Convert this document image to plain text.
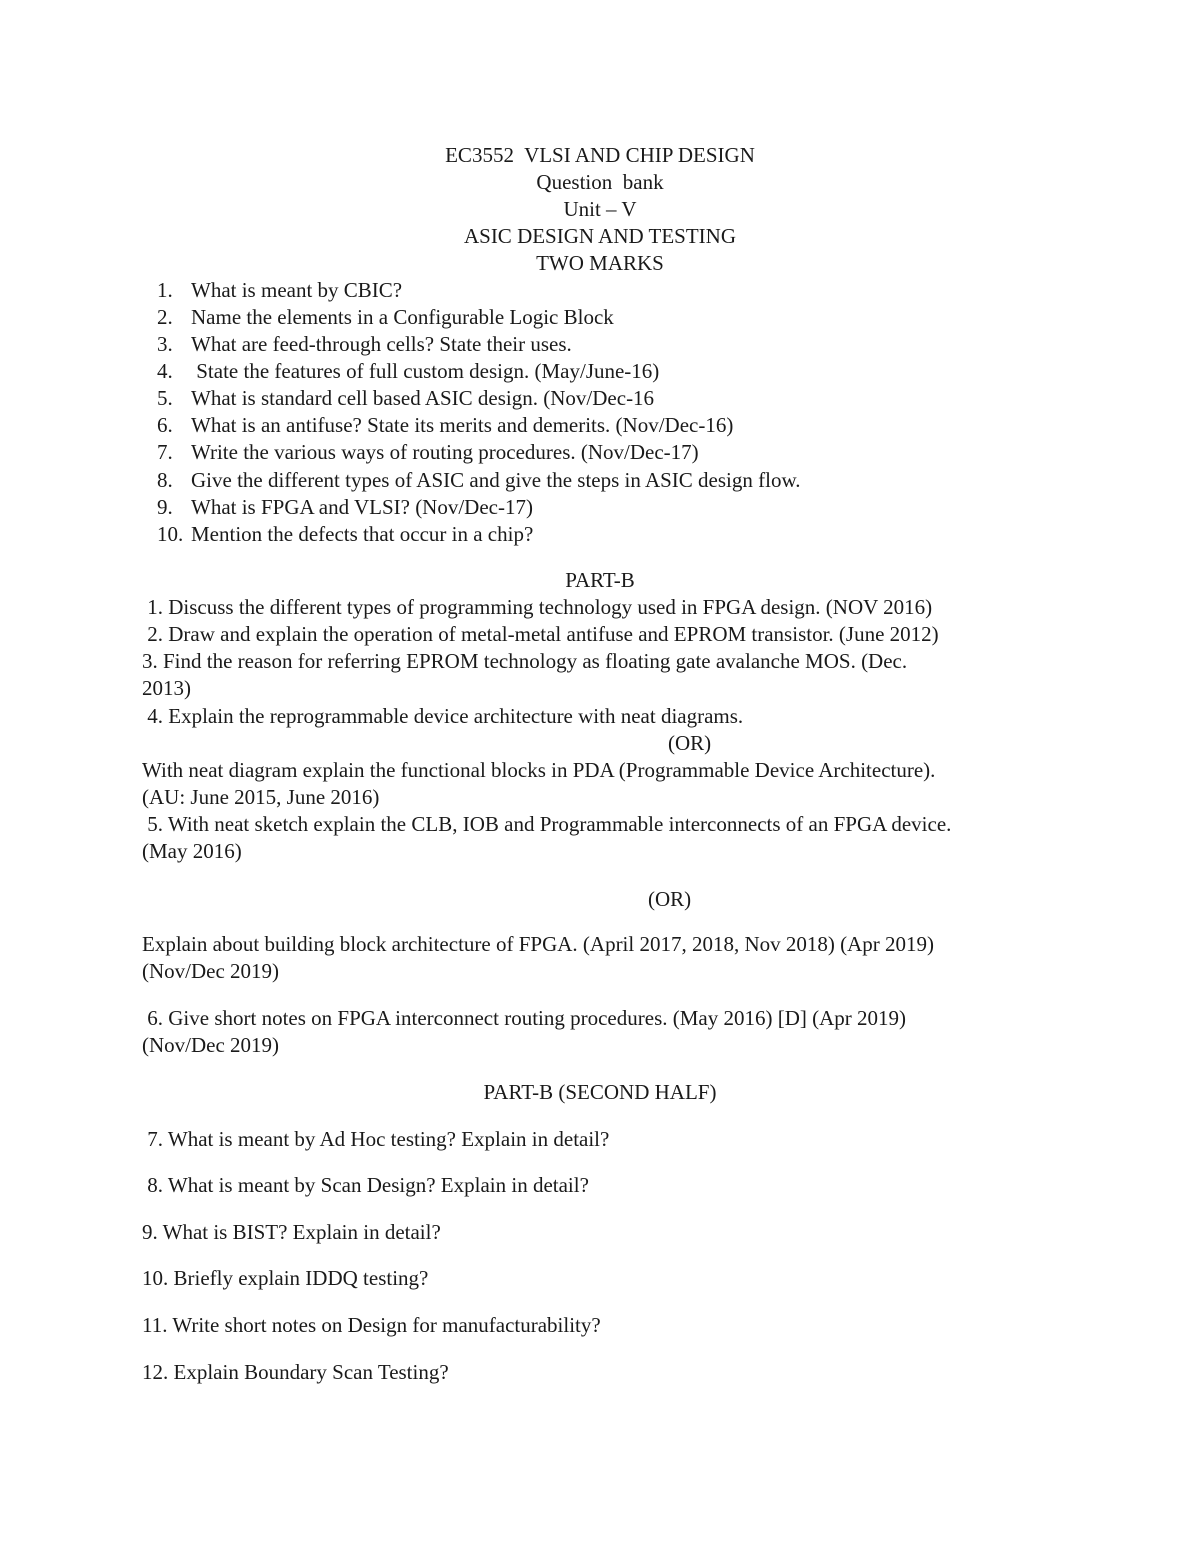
EC3552  VLSI AND CHIP DESIGN
Question  bank
Unit – V
ASIC DESIGN AND TESTING
TWO MARKS
1. What is meant by CBIC?
2. Name the elements in a Configurable Logic Block
3. What are feed-through cells? State their uses.
4. State the features of full custom design. (May/June-16)
5. What is standard cell based ASIC design. (Nov/Dec-16
6. What is an antifuse? State its merits and demerits. (Nov/Dec-16)
7. Write the various ways of routing procedures. (Nov/Dec-17)
8. Give the different types of ASIC and give the steps in ASIC design flow.
9. What is FPGA and VLSI? (Nov/Dec-17)
10. Mention the defects that occur in a chip?
PART-B
1. Discuss the different types of programming technology used in FPGA design. (NOV 2016)
2. Draw and explain the operation of metal-metal antifuse and EPROM transistor. (June 2012)
3. Find the reason for referring EPROM technology as floating gate avalanche MOS. (Dec.
2013)
4. Explain the reprogrammable device architecture with neat diagrams.
(OR)
With neat diagram explain the functional blocks in PDA (Programmable Device Architecture).
(AU: June 2015, June 2016)
5. With neat sketch explain the CLB, IOB and Programmable interconnects of an FPGA device.
(May 2016)
(OR)
Explain about building block architecture of FPGA. (April 2017, 2018, Nov 2018) (Apr 2019)
(Nov/Dec 2019)
6. Give short notes on FPGA interconnect routing procedures. (May 2016) [D] (Apr 2019)
(Nov/Dec 2019)
PART-B (SECOND HALF)
7. What is meant by Ad Hoc testing? Explain in detail?
8. What is meant by Scan Design? Explain in detail?
9. What is BIST? Explain in detail?
10. Briefly explain IDDQ testing?
11. Write short notes on Design for manufacturability?
12. Explain Boundary Scan Testing?
